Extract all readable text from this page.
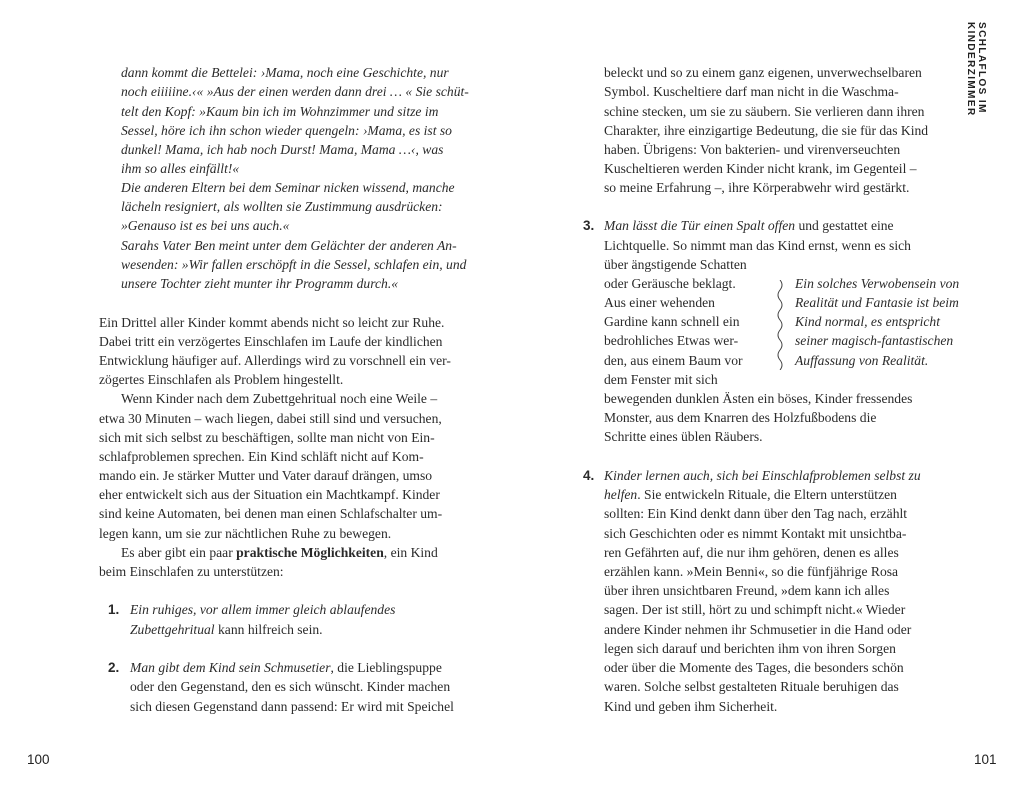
SCHLAFLOS IM KINDERZIMMER
dann kommt die Bettelei: ›Mama, noch eine Geschichte, nur
noch eiiiiine.‹« »Aus der einen werden dann drei … « Sie schüt-
telt den Kopf: »Kaum bin ich im Wohnzimmer und sitze im
Sessel, höre ich ihn schon wieder quengeln: ›Mama, es ist so
dunkel! Mama, ich hab noch Durst! Mama, Mama …‹, was
ihm so alles einfällt!«
Die anderen Eltern bei dem Seminar nicken wissend, manche
lächeln resigniert, als wollten sie Zustimmung ausdrücken:
»Genauso ist es bei uns auch.«
Sarahs Vater Ben meint unter dem Gelächter der anderen An-
wesenden: »Wir fallen erschöpft in die Sessel, schlafen ein, und
unsere Tochter zieht munter ihr Programm durch.«
Ein Drittel aller Kinder kommt abends nicht so leicht zur Ruhe.
Dabei tritt ein verzögertes Einschlafen im Laufe der kindlichen
Entwicklung häufiger auf. Allerdings wird zu vorschnell ein ver-
zögertes Einschlafen als Problem hingestellt.
Wenn Kinder nach dem Zubettgehritual noch eine Weile –
etwa 30 Minuten – wach liegen, dabei still sind und versuchen,
sich mit sich selbst zu beschäftigen, sollte man nicht von Ein-
schlafproblemen sprechen. Ein Kind schläft nicht auf Kom-
mando ein. Je stärker Mutter und Vater darauf drängen, umso
eher entwickelt sich aus der Situation ein Machtkampf. Kinder
sind keine Automaten, bei denen man einen Schlafschalter um-
legen kann, um sie zur nächtlichen Ruhe zu bewegen.
Es aber gibt ein paar praktische Möglichkeiten, ein Kind
beim Einschlafen zu unterstützen:
1. Ein ruhiges, vor allem immer gleich ablaufendes
Zubettgehritual kann hilfreich sein.
2. Man gibt dem Kind sein Schmusetier, die Lieblingspuppe
oder den Gegenstand, den es sich wünscht. Kinder machen
sich diesen Gegenstand dann passend: Er wird mit Speichel
100
beleckt und so zu einem ganz eigenen, unverwechselbaren
Symbol. Kuscheltiere darf man nicht in die Waschma-
schine stecken, um sie zu säubern. Sie verlieren dann ihren
Charakter, ihre einzigartige Bedeutung, die sie für das Kind
haben. Übrigens: Von bakterien- und virenverseuchten
Kuscheltieren werden Kinder nicht krank, im Gegenteil –
so meine Erfahrung –, ihre Körperabwehr wird gestärkt.
3. Man lässt die Tür einen Spalt offen und gestattet eine
Lichtquelle. So nimmt man das Kind ernst, wenn es sich
über ängstigende Schatten
oder Geräusche beklagt.
Aus einer wehenden
Gardine kann schnell ein
bedrohliches Etwas wer-
den, aus einem Baum vor
dem Fenster mit sich
bewegenden dunklen Ästen ein böses, Kinder fressendes
Monster, aus dem Knarren des Holzfußbodens die
Schritte eines üblen Räubers.
Ein solches Verwobensein von
Realität und Fantasie ist beim
Kind normal, es entspricht
seiner magisch-fantastischen
Auffassung von Realität.
4. Kinder lernen auch, sich bei Einschlafproblemen selbst zu
helfen. Sie entwickeln Rituale, die Eltern unterstützen
sollten: Ein Kind denkt dann über den Tag nach, erzählt
sich Geschichten oder es nimmt Kontakt mit unsichtba-
ren Gefährten auf, die nur ihm gehören, denen es alles
erzählen kann. »Mein Benni«, so die fünfjährige Rosa
über ihren unsichtbaren Freund, »dem kann ich alles
sagen. Der ist still, hört zu und schimpft nicht.« Wieder
andere Kinder nehmen ihr Schmusetier in die Hand oder
legen sich darauf und berichten ihm von ihren Sorgen
oder über die Momente des Tages, die besonders schön
waren. Solche selbst gestalteten Rituale beruhigen das
Kind und geben ihm Sicherheit.
101
